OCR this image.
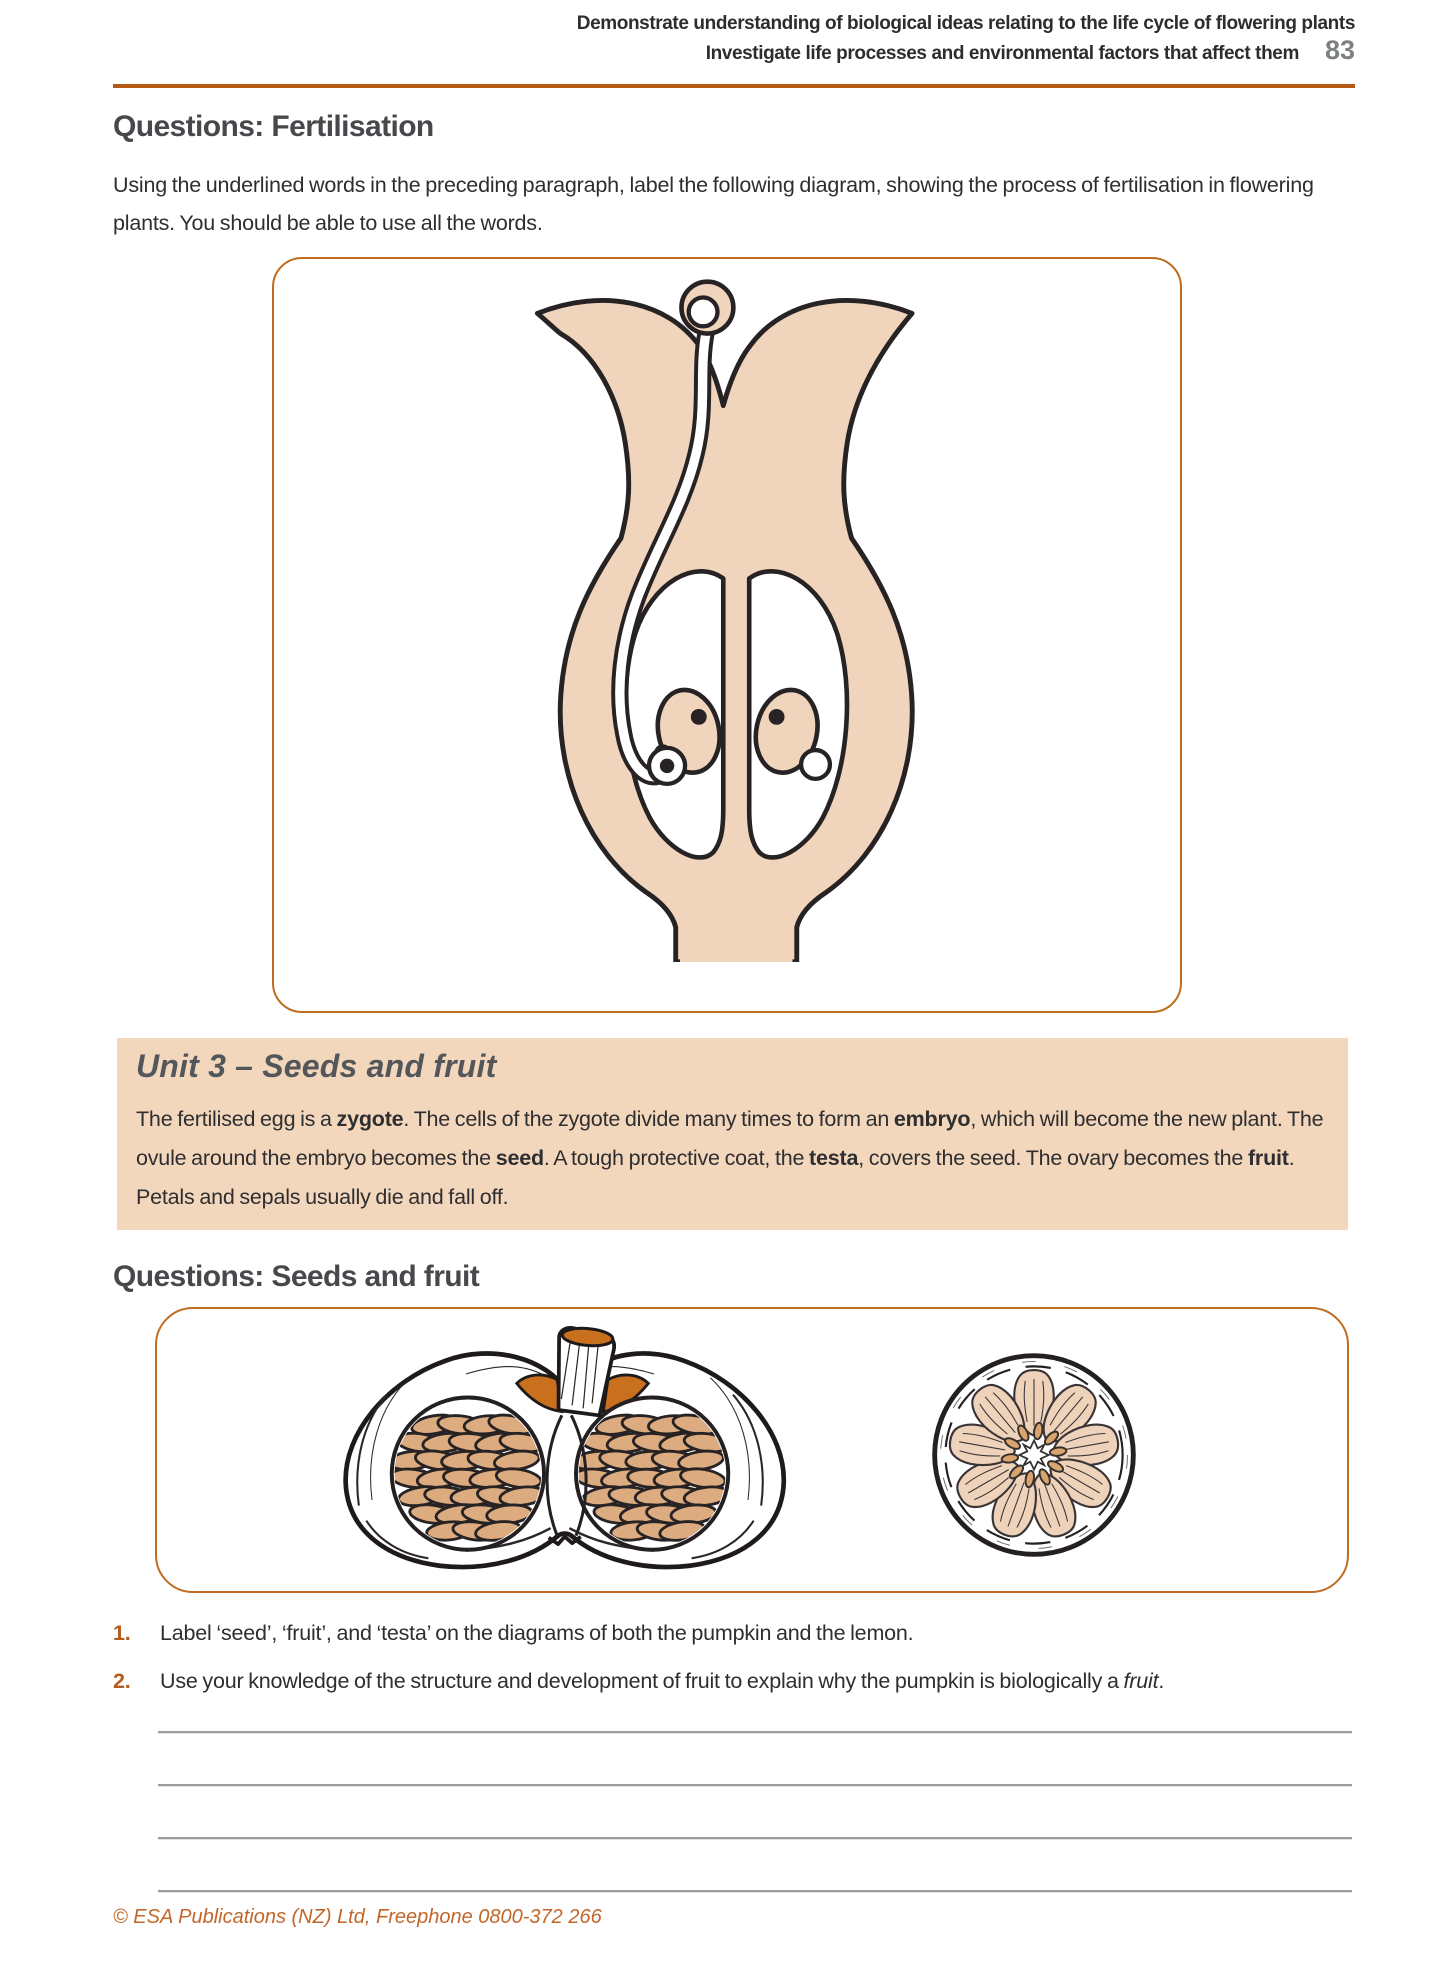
Demonstrate understanding of biological ideas relating to the life cycle of flowering plants
Investigate life processes and environmental factors that affect them 83
Questions: Fertilisation
Using the underlined words in the preceding paragraph, label the following diagram, showing the process of fertilisation in flowering plants. You should be able to use all the words.
Unit 3 – Seeds and fruit
The fertilised egg is a zygote. The cells of the zygote divide many times to form an embryo, which will become the new plant. The ovule around the embryo becomes the seed. A tough protective coat, the testa, covers the seed. The ovary becomes the fruit. Petals and sepals usually die and fall off.
Questions: Seeds and fruit
1.	Label ‘seed’, ‘fruit’, and ‘testa’ on the diagrams of both the pumpkin and the lemon.
2.	Use your knowledge of the structure and development of fruit to explain why the pumpkin is biologically a fruit.
© ESA Publications (NZ) Ltd, Freephone 0800-372 266
